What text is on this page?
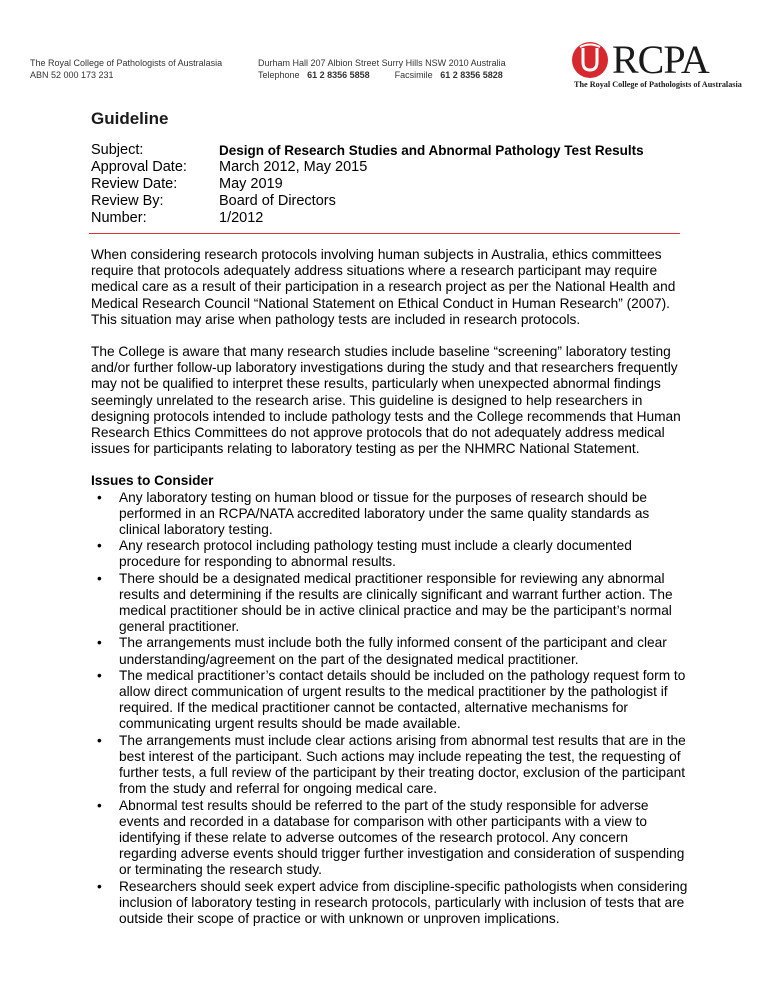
The Royal College of Pathologists of Australasia
ABN 52 000 173 231
Durham Hall 207 Albion Street Surry Hills NSW 2010 Australia
Telephone 61 2 8356 5858	Facsimile 61 2 8356 5828	RCPA
The Royal College of Pathologists of Australasia
Guideline
Subject:	Design of Research Studies and Abnormal Pathology Test Results
Approval Date:	March 2012, May 2015
Review Date:	May 2019
Review By:	Board of Directors
Number:	1/2012

When considering research protocols involving human subjects in Australia, ethics committees require that protocols adequately address situations where a research participant may require medical care as a result of their participation in a research project as per the National Health and Medical Research Council “National Statement on Ethical Conduct in Human Research” (2007). This situation may arise when pathology tests are included in research protocols.

The College is aware that many research studies include baseline “screening” laboratory testing and/or further follow-up laboratory investigations during the study and that researchers frequently may not be qualified to interpret these results, particularly when unexpected abnormal findings seemingly unrelated to the research arise. This guideline is designed to help researchers in designing protocols intended to include pathology tests and the College recommends that Human Research Ethics Committees do not approve protocols that do not adequately address medical issues for participants relating to laboratory testing as per the NHMRC National Statement.

Issues to Consider
• Any laboratory testing on human blood or tissue for the purposes of research should be performed in an RCPA/NATA accredited laboratory under the same quality standards as clinical laboratory testing.
• Any research protocol including pathology testing must include a clearly documented procedure for responding to abnormal results.
• There should be a designated medical practitioner responsible for reviewing any abnormal results and determining if the results are clinically significant and warrant further action. The medical practitioner should be in active clinical practice and may be the participant’s normal general practitioner.
• The arrangements must include both the fully informed consent of the participant and clear understanding/agreement on the part of the designated medical practitioner.
• The medical practitioner’s contact details should be included on the pathology request form to allow direct communication of urgent results to the medical practitioner by the pathologist if required. If the medical practitioner cannot be contacted, alternative mechanisms for communicating urgent results should be made available.
• The arrangements must include clear actions arising from abnormal test results that are in the best interest of the participant. Such actions may include repeating the test, the requesting of further tests, a full review of the participant by their treating doctor, exclusion of the participant from the study and referral for ongoing medical care.
• Abnormal test results should be referred to the part of the study responsible for adverse events and recorded in a database for comparison with other participants with a view to identifying if these relate to adverse outcomes of the research protocol. Any concern regarding adverse events should trigger further investigation and consideration of suspending or terminating the research study.
• Researchers should seek expert advice from discipline-specific pathologists when considering inclusion of laboratory testing in research protocols, particularly with inclusion of tests that are outside their scope of practice or with unknown or unproven implications.
